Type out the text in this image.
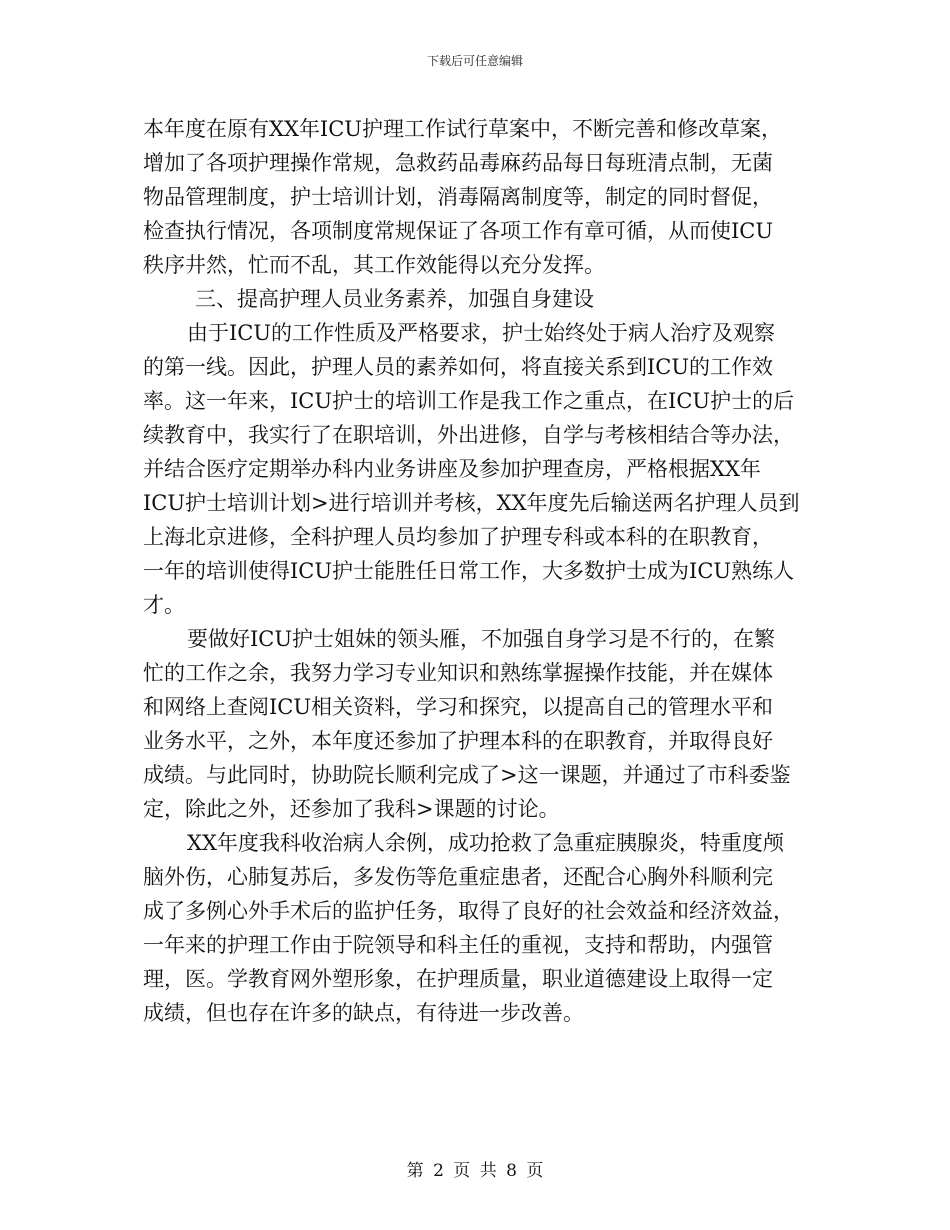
下载后可任意编辑
本年度在原有XX年ICU护理工作试行草案中，不断完善和修改草案，
增加了各项护理操作常规，急救药品毒麻药品每日每班清点制，无菌
物品管理制度，护士培训计划，消毒隔离制度等，制定的同时督促，
检查执行情况，各项制度常规保证了各项工作有章可循，从而使ICU
秩序井然，忙而不乱，其工作效能得以充分发挥。
三、提高护理人员业务素养，加强自身建设
由于ICU的工作性质及严格要求，护士始终处于病人治疗及观察
的第一线。因此，护理人员的素养如何，将直接关系到ICU的工作效
率。这一年来，ICU护士的培训工作是我工作之重点，在ICU护士的后
续教育中，我实行了在职培训，外出进修，自学与考核相结合等办法，
并结合医疗定期举办科内业务讲座及参加护理查房，严格根据XX年
ICU护士培训计划>进行培训并考核，XX年度先后输送两名护理人员到
上海北京进修，全科护理人员均参加了护理专科或本科的在职教育，
一年的培训使得ICU护士能胜任日常工作，大多数护士成为ICU熟练人
才。
要做好ICU护士姐妹的领头雁，不加强自身学习是不行的，在繁
忙的工作之余，我努力学习专业知识和熟练掌握操作技能，并在媒体
和网络上查阅ICU相关资料，学习和探究，以提高自己的管理水平和
业务水平，之外，本年度还参加了护理本科的在职教育，并取得良好
成绩。与此同时，协助院长顺利完成了>这一课题，并通过了市科委鉴
定，除此之外，还参加了我科>课题的讨论。
XX年度我科收治病人余例，成功抢救了急重症胰腺炎，特重度颅
脑外伤，心肺复苏后，多发伤等危重症患者，还配合心胸外科顺利完
成了多例心外手术后的监护任务，取得了良好的社会效益和经济效益，
一年来的护理工作由于院领导和科主任的重视，支持和帮助，内强管
理，医。学教育网外塑形象，在护理质量，职业道德建设上取得一定
成绩，但也存在许多的缺点，有待进一步改善。
第 2 页 共 8 页
